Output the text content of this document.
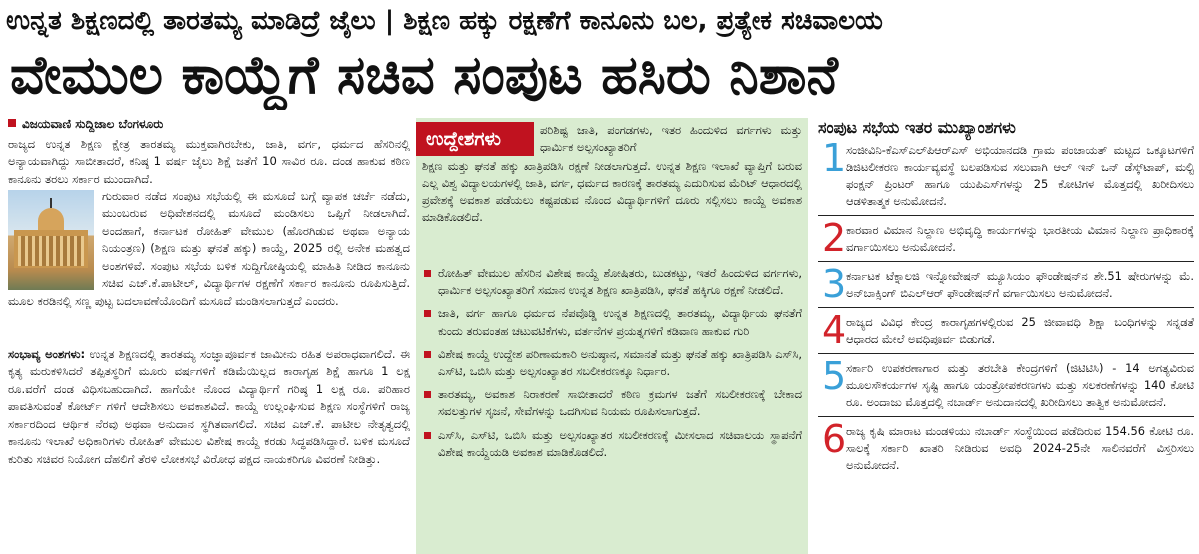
ಉನ್ನತ ಶಿಕ್ಷಣದಲ್ಲಿ ತಾರತಮ್ಯ ಮಾಡಿದ್ರೆ ಜೈಲು | ಶಿಕ್ಷಣ ಹಕ್ಕು ರಕ್ಷಣೆಗೆ ಕಾನೂನು ಬಲ, ಪ್ರತ್ಯೇಕ ಸಚಿವಾಲಯ
ವೇಮುಲ ಕಾಯ್ದೆಗೆ ಸಚಿವ ಸಂಪುಟ ಹಸಿರು ನಿಶಾನೆ
ವಿಜಯವಾಣಿ ಸುದ್ದಿಜಾಲ ಬೆಂಗಳೂರು
ರಾಜ್ಯದ ಉನ್ನತ ಶಿಕ್ಷಣ ಕ್ಷೇತ್ರ ತಾರತಮ್ಯ ಮುಕ್ತವಾಗಿರಬೇಕು, ಜಾತಿ, ವರ್ಗ, ಧರ್ಮದ ಹೆಸರಿನಲ್ಲಿ ಅನ್ಯಾಯವಾಗಿದ್ದು ಸಾಬೀತಾದರೆ, ಕನಿಷ್ಠ 1 ವರ್ಷ ಜೈಲು ಶಿಕ್ಷೆ ಜತೆಗೆ 10 ಸಾವಿರ ರೂ. ದಂಡ ಹಾಕುವ ಕಠಿಣ ಕಾನೂನು ತರಲು ಸರ್ಕಾರ ಮುಂದಾಗಿದೆ.
ಗುರುವಾರ ನಡೆದ ಸಂಪುಟ ಸಭೆಯಲ್ಲಿ ಈ ಮಸೂದೆ ಬಗ್ಗೆ ವ್ಯಾಪಕ ಚರ್ಚೆ ನಡೆದು, ಮುಂಬರುವ ಅಧಿವೇಶನದಲ್ಲಿ ಮಸೂದೆ ಮಂಡಿಸಲು ಒಪ್ಪಿಗೆ ನೀಡಲಾಗಿದೆ. ಅಂದಹಾಗೆ, ಕರ್ನಾಟಕ ರೋಹಿತ್ ವೇಮುಲ (ಹೊರಗಿಡುವ ಅಥವಾ ಅನ್ಯಾಯ ನಿಯಂತ್ರಣ) (ಶಿಕ್ಷಣ ಮತ್ತು ಘನತೆ ಹಕ್ಕು) ಕಾಯ್ದೆ, 2025 ರಲ್ಲಿ ಅನೇಕ ಮಹತ್ವದ ಅಂಶಗಳಿವೆ. ಸಂಪುಟ ಸಭೆಯ ಬಳಿಕ ಸುದ್ದಿಗೋಷ್ಠಿಯಲ್ಲಿ ಮಾಹಿತಿ ನೀಡಿದ ಕಾನೂನು ಸಚಿವ ಎಚ್.ಕೆ.ಪಾಟೀಲ್, ವಿದ್ಯಾರ್ಥಿಗಳ ರಕ್ಷಣೆಗೆ ಸರ್ಕಾರ ಕಾನೂನು ರೂಪಿಸುತ್ತಿದೆ. ಮೂಲ ಕರಡಿನಲ್ಲಿ ಸಣ್ಣ ಪುಟ್ಟ ಬದಲಾವಣೆಯೊಂದಿಗೆ ಮಸೂದೆ ಮಂಡಿಸಲಾಗುತ್ತದೆ ಎಂದರು.
ಸಂಭಾವ್ಯ ಅಂಶಗಳು: ಉನ್ನತ ಶಿಕ್ಷಣದಲ್ಲಿ ತಾರತಮ್ಯ ಸಂಜ್ಞಾಪೂರ್ವಕ ಜಾಮೀನು ರಹಿತ ಅಪರಾಧವಾಗಲಿದೆ. ಈ ಕೃತ್ಯ ಮರುಕಳಿಸಿದರೆ ತಪ್ಪಿತಸ್ಥರಿಗೆ ಮೂರು ವರ್ಷಗಳಿಗೆ ಕಡಿಮೆಯಿಲ್ಲದ ಕಾರಾಗೃಹ ಶಿಕ್ಷೆ ಹಾಗೂ 1 ಲಕ್ಷ ರೂ.ವರೆಗೆ ದಂಡ ವಿಧಿಸಬಹುದಾಗಿದೆ. ಹಾಗೆಯೇ ನೊಂದ ವಿದ್ಯಾರ್ಥಿಗೆ ಗರಿಷ್ಠ 1 ಲಕ್ಷ ರೂ. ಪರಿಹಾರ ಪಾವತಿಸುವಂತೆ ಕೋರ್ಟ್ ಗಳಿಗೆ ಆದೇಶಿಸಲು ಅವಕಾಶವಿದೆ. ಕಾಯ್ದೆ ಉಲ್ಲಂಘಿಸುವ ಶಿಕ್ಷಣ ಸಂಸ್ಥೆಗಳಿಗೆ ರಾಜ್ಯ ಸರ್ಕಾರದಿಂದ ಆರ್ಥಿಕ ನೆರವು ಅಥವಾ ಅನುದಾನ ಸ್ಥಗಿತವಾಗಲಿದೆ. ಸಚಿವ ಎಚ್.ಕೆ. ಪಾಟೀಲ ನೇತೃತ್ವದಲ್ಲಿ ಕಾನೂನು ಇಲಾಖೆ ಅಧಿಕಾರಿಗಳು ರೋಹಿತ್ ವೇಮುಲ ವಿಶೇಷ ಕಾಯ್ದೆ ಕರಡು ಸಿದ್ಧಪಡಿಸಿದ್ದಾರೆ. ಬಳಿಕ ಮಸೂದೆ ಕುರಿತು ಸಚಿವರ ನಿಯೋಗ ದೆಹಲಿಗೆ ತೆರಳಿ ಲೋಕಸಭೆ ವಿರೋಧ ಪಕ್ಷದ ನಾಯಕರಿಗೂ ವಿವರಣೆ ನೀಡಿತ್ತು.
ಉದ್ದೇಶಗಳು	ಪರಿಶಿಷ್ಟ ಜಾತಿ, ಪಂಗಡಗಳು, ಇತರ ಹಿಂದುಳಿದ ವರ್ಗಗಳು ಮತ್ತು ಧಾರ್ಮಿಕ ಅಲ್ಪಸಂಖ್ಯಾತರಿಗೆ
ಶಿಕ್ಷಣ ಮತ್ತು ಘನತೆ ಹಕ್ಕು ಖಾತ್ರಿಪಡಿಸಿ ರಕ್ಷಣೆ ನೀಡಲಾಗುತ್ತದೆ. ಉನ್ನತ ಶಿಕ್ಷಣ ಇಲಾಖೆ ವ್ಯಾಪ್ತಿಗೆ ಬರುವ ಎಲ್ಲ ವಿಶ್ವ ವಿದ್ಯಾಲಯಗಳಲ್ಲಿ ಜಾತಿ, ವರ್ಗ, ಧರ್ಮದ ಕಾರಣಕ್ಕೆ ತಾರತಮ್ಯ ಎದುರಿಸುವ ಮೆರಿಟ್ ಆಧಾರದಲ್ಲಿ ಪ್ರವೇಶಕ್ಕೆ ಅವಕಾಶ ಪಡೆಯಲು ಕಷ್ಟಪಡುವ ನೊಂದ ವಿದ್ಯಾರ್ಥಿಗಳಿಗೆ ದೂರು ಸಲ್ಲಿಸಲು ಕಾಯ್ದೆ ಅವಕಾಶ ಮಾಡಿಕೊಡಲಿದೆ.
ರೋಹಿತ್ ವೇಮುಲ ಹೆಸರಿನ ವಿಶೇಷ ಕಾಯ್ದೆ ಶೋಷಿತರು, ಬುಡಕಟ್ಟು, ಇತರೆ ಹಿಂದುಳಿದ ವರ್ಗಗಳು, ಧಾರ್ಮಿಕ ಅಲ್ಪಸಂಖ್ಯಾತರಿಗೆ ಸಮಾನ ಉನ್ನತ ಶಿಕ್ಷಣ ಖಾತ್ರಿಪಡಿಸಿ, ಘನತೆ ಹಕ್ಕಿಗೂ ರಕ್ಷಣೆ ನೀಡಲಿದೆ.
ಜಾತಿ, ವರ್ಗ ಹಾಗೂ ಧರ್ಮದ ನೆಪವೊಡ್ಡಿ ಉನ್ನತ ಶಿಕ್ಷಣದಲ್ಲಿ ತಾರತಮ್ಯ, ವಿದ್ಯಾರ್ಥಿಯ ಘನತೆಗೆ ಕುಂದು ತರುವಂತಹ ಚಟುವಟಿಕೆಗಳು, ವರ್ತನೆಗಳ ಪ್ರಯತ್ನಗಳಿಗೆ ಕಡಿವಾಣ ಹಾಕುವ ಗುರಿ
ವಿಶೇಷ ಕಾಯ್ದೆ ಉದ್ದೇಶ ಪರಿಣಾಮಕಾರಿ ಅನುಷ್ಠಾನ, ಸಮಾನತೆ ಮತ್ತು ಘನತೆ ಹಕ್ಕು ಖಾತ್ರಿಪಡಿಸಿ ಎಸ್‌ಸಿ, ಎಸ್‌ಟಿ, ಒಬಿಸಿ ಮತ್ತು ಅಲ್ಪಸಂಖ್ಯಾತರ ಸಬಲೀಕರಣಕ್ಕೂ ನಿರ್ಧಾರ.
ತಾರತಮ್ಯ, ಅವಕಾಶ ನಿರಾಕರಣೆ ಸಾಬೀತಾದರೆ ಕಠಿಣ ಕ್ರಮಗಳ ಜತೆಗೆ ಸಬಲೀಕರಣಕ್ಕೆ ಬೇಕಾದ ಸವಲತ್ತುಗಳ ಸೃಜನೆ, ಸೇವೆಗಳನ್ನು ಒದಗಿಸುವ ನಿಯಮ ರೂಪಿಸಲಾಗುತ್ತದೆ.
ಎಸ್‌ಸಿ, ಎಸ್‌ಟಿ, ಒಬಿಸಿ ಮತ್ತು ಅಲ್ಪಸಂಖ್ಯಾತರ ಸಬಲೀಕರಣಕ್ಕೆ ಮೀಸಲಾದ ಸಚಿವಾಲಯ ಸ್ಥಾಪನೆಗೆ ವಿಶೇಷ ಕಾಯ್ದೆಯಡಿ ಅವಕಾಶ ಮಾಡಿಕೊಡಲಿದೆ.
ಸಂಪುಟ ಸಭೆಯ ಇತರ ಮುಖ್ಯಾಂಶಗಳು
1 ಸಂಜೀವಿನಿ-ಕೆಎಸ್‌ಎಲ್‌ಪಿಆರ್‌ಎಸ್ ಅಭಿಯಾನದಡಿ ಗ್ರಾಮ ಪಂಚಾಯತ್ ಮಟ್ಟದ ಒಕ್ಕೂಟಗಳಿಗೆ ಡಿಜಿಟಲೀಕರಣ ಕಾರ್ಯವ್ಯವಸ್ಥೆ ಬಲಪಡಿಸುವ ಸಲುವಾಗಿ ಆಲ್ ಇನ್ ಒನ್ ಡೆಸ್ಕ್‌ಟಾಪ್, ಮಲ್ಟಿ ಫಂಕ್ಷನ್ ಪ್ರಿಂಟರ್ ಹಾಗೂ ಯುಪಿಎಸ್‌ಗಳನ್ನು 25 ಕೋಟಿಗಳ ಮೊತ್ತದಲ್ಲಿ ಖರೀದಿಸಲು ಆಡಳಿತಾತ್ಮಕ ಅನುಮೋದನೆ.
2 ಕಾರವಾರ ವಿಮಾನ ನಿಲ್ದಾಣ ಅಭಿವೃದ್ಧಿ ಕಾರ್ಯಗಳನ್ನು ಭಾರತೀಯ ವಿಮಾನ ನಿಲ್ದಾಣ ಪ್ರಾಧಿಕಾರಕ್ಕೆ ವರ್ಗಾಯಿಸಲು ಅನುಮೋದನೆ.
3 ಕರ್ನಾಟಕ ಟೆಕ್ನಾಲಜಿ ಇನ್ನೋವೇಷನ್ ಮ್ಯೂಸಿಯಂ ಫೌಂಡೇಷನ್‌ನ ಶೇ.51 ಷೇರುಗಳನ್ನು ಮೆ. ಅನ್‌ಬಾಕ್ಸಿಂಗ್ ಬಿಎಲ್‌ಆರ್ ಫೌಂಡೇಷನ್‌ಗೆ ವರ್ಗಾಯಿಸಲು ಅನುಮೋದನೆ.
4 ರಾಜ್ಯದ ವಿವಿಧ ಕೇಂದ್ರ ಕಾರಾಗೃಹಗಳಲ್ಲಿರುವ 25 ಜೀವಾವಧಿ ಶಿಕ್ಷಾ ಬಂಧಿಗಳನ್ನು ಸನ್ನಡತೆ ಆಧಾರದ ಮೇಲೆ ಅವಧಿಪೂರ್ವ ಬಿಡುಗಡೆ.
5 ಸರ್ಕಾರಿ ಉಪಕರಣಾಗಾರ ಮತ್ತು ತರಬೇತಿ ಕೇಂದ್ರಗಳಿಗೆ (ಜಿಟಿಟಿಸಿ) - 14 ಅಗತ್ಯವಿರುವ ಮೂಲಸೌಕರ್ಯಗಳ ಸೃಷ್ಟಿ ಹಾಗೂ ಯಂತ್ರೋಪಕರಣಗಳು ಮತ್ತು ಸಲಕರಣೆಗಳನ್ನು 140 ಕೋಟಿ ರೂ. ಅಂದಾಜು ಮೊತ್ತದಲ್ಲಿ ನಬಾರ್ಡ್ ಅನುದಾನದಲ್ಲಿ ಖರೀದಿಸಲು ತಾತ್ವಿಕ ಅನುಮೋದನೆ.
6 ರಾಜ್ಯ ಕೃಷಿ ಮಾರಾಟ ಮಂಡಳಿಯು ನಬಾರ್ಡ್ ಸಂಸ್ಥೆಯಿಂದ ಪಡೆದಿರುವ 154.56 ಕೋಟಿ ರೂ. ಸಾಲಕ್ಕೆ ಸರ್ಕಾರಿ ಖಾತರಿ ನೀಡಿರುವ ಅವಧಿ 2024-25ನೇ ಸಾಲಿನವರೆಗೆ ವಿಸ್ತರಿಸಲು ಅನುಮೋದನೆ.
